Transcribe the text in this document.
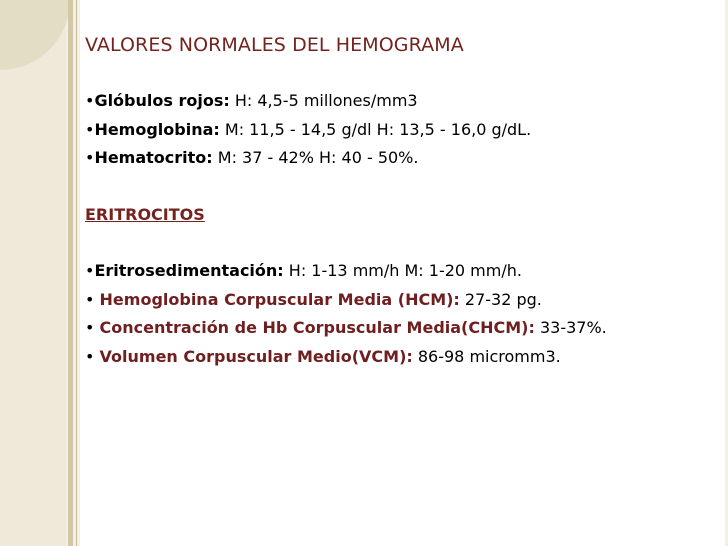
VALORES NORMALES DEL HEMOGRAMA
•Glóbulos rojos: H: 4,5-5 millones/mm3
•Hemoglobina: M: 11,5 - 14,5 g/dl H: 13,5 - 16,0 g/dL.
•Hematocrito: M: 37 - 42% H: 40 - 50%.
ERITROCITOS
•Eritrosedimentación: H: 1-13 mm/h M: 1-20 mm/h.
• Hemoglobina Corpuscular Media (HCM): 27-32 pg.
• Concentración de Hb Corpuscular Media(CHCM): 33-37%.
• Volumen Corpuscular Medio(VCM): 86-98 micromm3.
